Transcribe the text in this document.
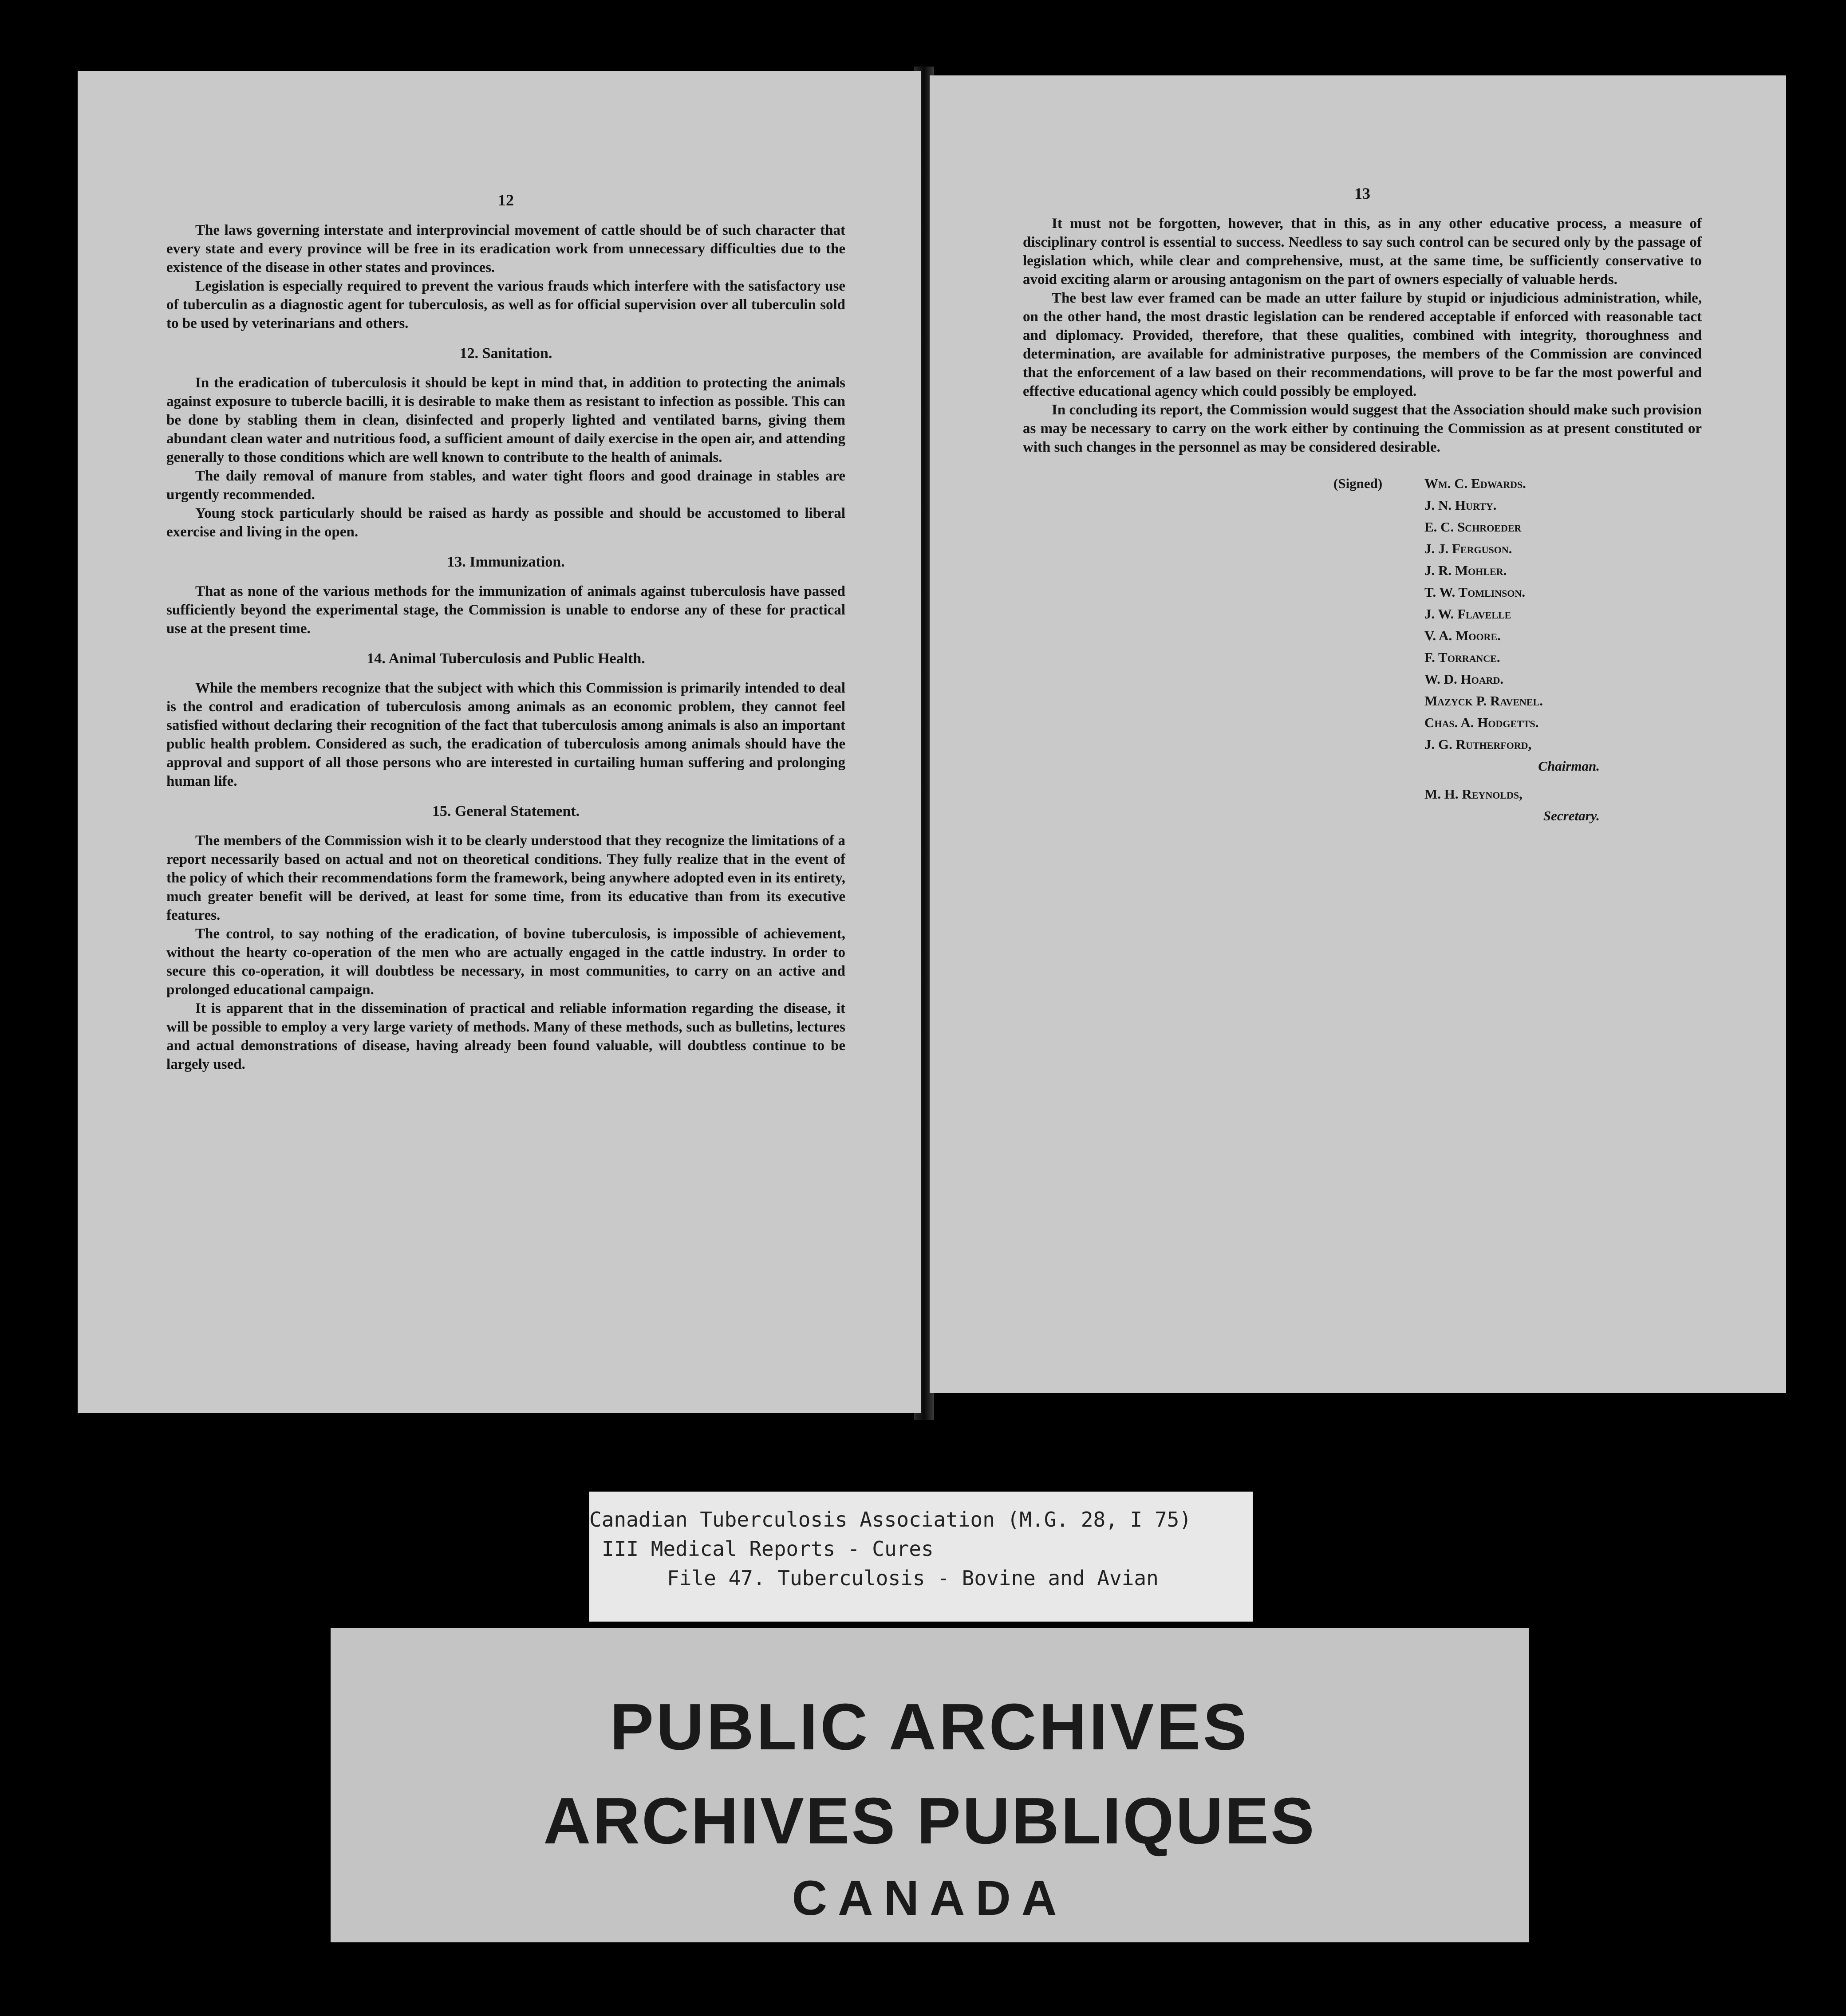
12

The laws governing interstate and interprovincial movement of cattle should be of such character that every state and every province will be free in its eradication work from unnecessary difficulties due to the existence of the disease in other states and provinces.

Legislation is especially required to prevent the various frauds which interfere with the satisfactory use of tuberculin as a diagnostic agent for tuberculosis, as well as for official supervision over all tuberculin sold to be used by veterinarians and others.

12. Sanitation.

In the eradication of tuberculosis it should be kept in mind that, in addition to protecting the animals against exposure to tubercle bacilli, it is desirable to make them as resistant to infection as possible. This can be done by stabling them in clean, disinfected and properly lighted and ventilated barns, giving them abundant clean water and nutritious food, a sufficient amount of daily exercise in the open air, and attending generally to those conditions which are well known to contribute to the health of animals.

The daily removal of manure from stables, and water tight floors and good drainage in stables are urgently recommended.

Young stock particularly should be raised as hardy as possible and should be accustomed to liberal exercise and living in the open.

13. Immunization.

That as none of the various methods for the immunization of animals against tuberculosis have passed sufficiently beyond the experimental stage, the Commission is unable to endorse any of these for practical use at the present time.

14. Animal Tuberculosis and Public Health.

While the members recognize that the subject with which this Commission is primarily intended to deal is the control and eradication of tuberculosis among animals as an economic problem, they cannot feel satisfied without declaring their recognition of the fact that tuberculosis among animals is also an important public health problem. Considered as such, the eradication of tuberculosis among animals should have the approval and support of all those persons who are interested in curtailing human suffering and prolonging human life.

15. General Statement.

The members of the Commission wish it to be clearly understood that they recognize the limitations of a report necessarily based on actual and not on theoretical conditions. They fully realize that in the event of the policy of which their recommendations form the framework, being anywhere adopted even in its entirety, much greater benefit will be derived, at least for some time, from its educative than from its executive features.

The control, to say nothing of the eradication, of bovine tuberculosis, is impossible of achievement, without the hearty co-operation of the men who are actually engaged in the cattle industry. In order to secure this co-operation, it will doubtless be necessary, in most communities, to carry on an active and prolonged educational campaign.

It is apparent that in the dissemination of practical and reliable information regarding the disease, it will be possible to employ a very large variety of methods. Many of these methods, such as bulletins, lectures and actual demonstrations of disease, having already been found valuable, will doubtless continue to be largely used.

13

It must not be forgotten, however, that in this, as in any other educative process, a measure of disciplinary control is essential to success. Needless to say such control can be secured only by the passage of legislation which, while clear and comprehensive, must, at the same time, be sufficiently conservative to avoid exciting alarm or arousing antagonism on the part of owners especially of valuable herds.

The best law ever framed can be made an utter failure by stupid or injudicious administration, while, on the other hand, the most drastic legislation can be rendered acceptable if enforced with reasonable tact and diplomacy. Provided, therefore, that these qualities, combined with integrity, thoroughness and determination, are available for administrative purposes, the members of the Commission are convinced that the enforcement of a law based on their recommendations, will prove to be far the most powerful and effective educational agency which could possibly be employed.

In concluding its report, the Commission would suggest that the Association should make such provision as may be necessary to carry on the work either by continuing the Commission as at present constituted or with such changes in the personnel as may be considered desirable.

(Signed)	Wm. C. Edwards.
J. N. Hurty.
E. C. Schroeder
J. J. Ferguson.
J. R. Mohler.
T. W. Tomlinson.
J. W. Flavelle
V. A. Moore.
F. Torrance.
W. D. Hoard.
Mazyck P. Ravenel.
Chas. A. Hodgetts.
J. G. Rutherford,
Chairman.
M. H. Reynolds,
Secretary.
Canadian Tuberculosis Association (M.G. 28, I 75)
III Medical Reports - Cures
File 47. Tuberculosis - Bovine and Avian
PUBLIC ARCHIVES
ARCHIVES PUBLIQUES
CANADA
